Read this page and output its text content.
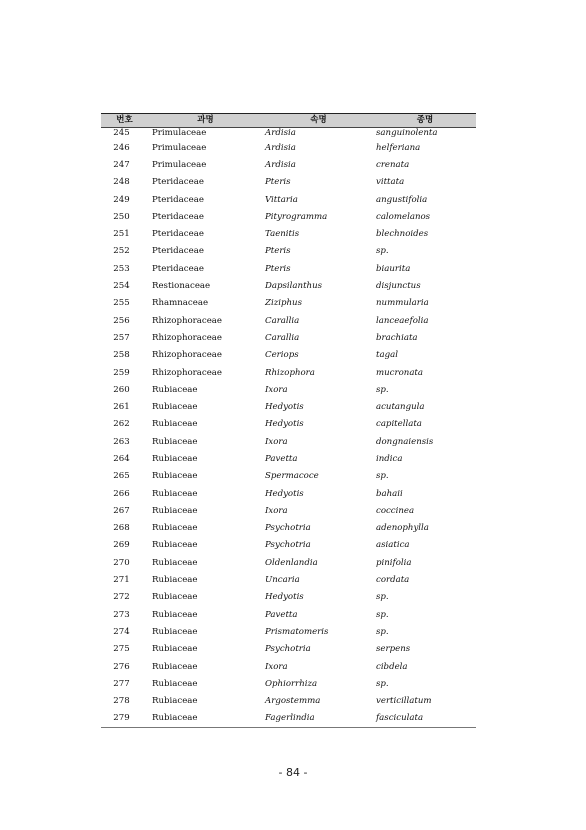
번호	과명	속명	종명
245	Primulaceae	Ardisia	sanguinolenta
246	Primulaceae	Ardisia	helferiana
247	Primulaceae	Ardisia	crenata
248	Pteridaceae	Pteris	vittata
249	Pteridaceae	Vittaria	angustifolia
250	Pteridaceae	Pityrogramma	calomelanos
251	Pteridaceae	Taenitis	blechnoides
252	Pteridaceae	Pteris	sp.
253	Pteridaceae	Pteris	biaurita
254	Restionaceae	Dapsilanthus	disjunctus
255	Rhamnaceae	Ziziphus	nummularia
256	Rhizophoraceae	Carallia	lanceaefolia
257	Rhizophoraceae	Carallia	brachiata
258	Rhizophoraceae	Ceriops	tagal
259	Rhizophoraceae	Rhizophora	mucronata
260	Rubiaceae	Ixora	sp.
261	Rubiaceae	Hedyotis	acutangula
262	Rubiaceae	Hedyotis	capitellata
263	Rubiaceae	Ixora	dongnaiensis
264	Rubiaceae	Pavetta	indica
265	Rubiaceae	Spermacoce	sp.
266	Rubiaceae	Hedyotis	bahaii
267	Rubiaceae	Ixora	coccinea
268	Rubiaceae	Psychotria	adenophylla
269	Rubiaceae	Psychotria	asiatica
270	Rubiaceae	Oldenlandia	pinifolia
271	Rubiaceae	Uncaria	cordata
272	Rubiaceae	Hedyotis	sp.
273	Rubiaceae	Pavetta	sp.
274	Rubiaceae	Prismatomeris	sp.
275	Rubiaceae	Psychotria	serpens
276	Rubiaceae	Ixora	cibdela
277	Rubiaceae	Ophiorrhiza	sp.
278	Rubiaceae	Argostemma	verticillatum
279	Rubiaceae	Fagerlindia	fasciculata
- 84 -
